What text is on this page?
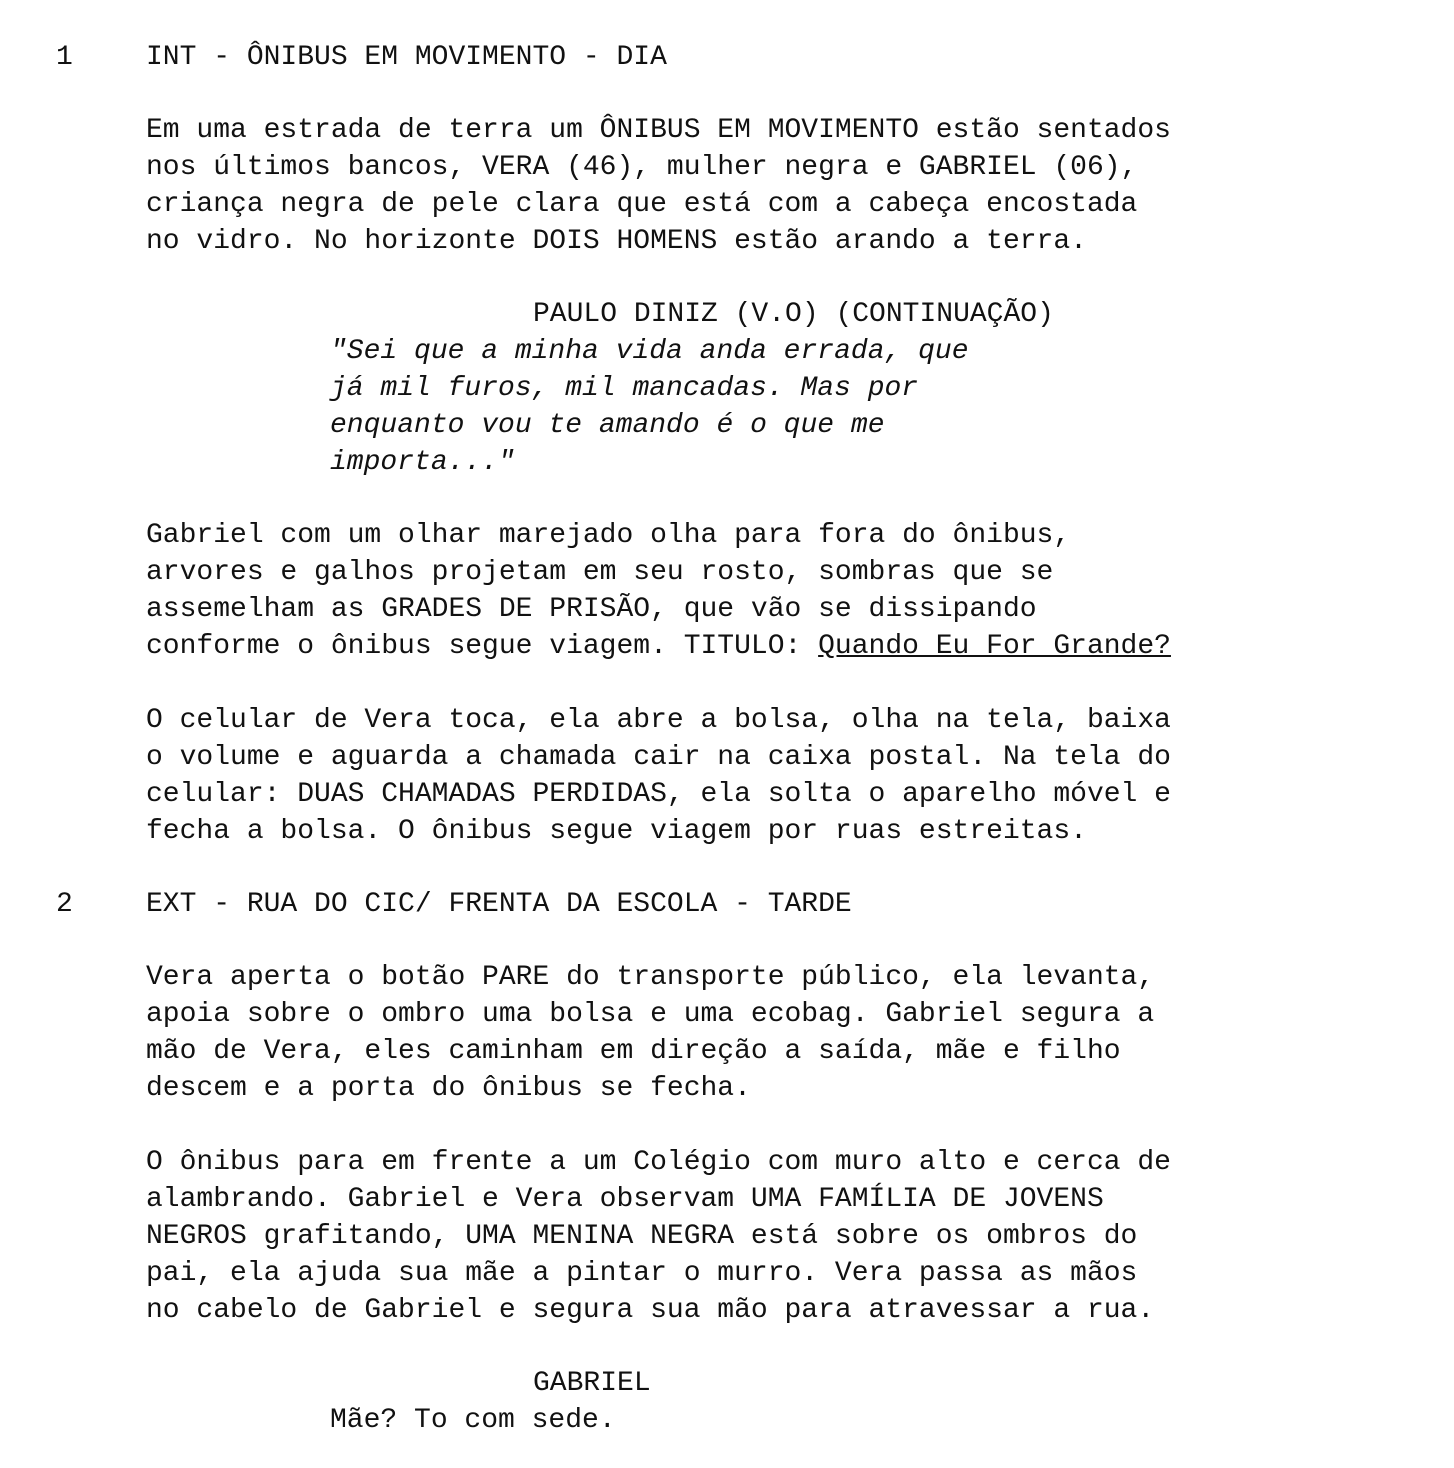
1	INT - ÔNIBUS EM MOVIMENTO - DIA
Em uma estrada de terra um ÔNIBUS EM MOVIMENTO estão sentados
nos últimos bancos, VERA (46), mulher negra e GABRIEL (06),
criança negra de pele clara que está com a cabeça encostada
no vidro. No horizonte DOIS HOMENS estão arando a terra.
PAULO DINIZ (V.O) (CONTINUAÇÃO)
"Sei que a minha vida anda errada, que
já mil furos, mil mancadas. Mas por
enquanto vou te amando é o que me
importa..."
Gabriel com um olhar marejado olha para fora do ônibus,
arvores e galhos projetam em seu rosto, sombras que se
assemelham as GRADES DE PRISÃO, que vão se dissipando
conforme o ônibus segue viagem. TITULO: Quando Eu For Grande?
O celular de Vera toca, ela abre a bolsa, olha na tela, baixa
o volume e aguarda a chamada cair na caixa postal. Na tela do
celular: DUAS CHAMADAS PERDIDAS, ela solta o aparelho móvel e
fecha a bolsa. O ônibus segue viagem por ruas estreitas.
2	EXT - RUA DO CIC/ FRENTA DA ESCOLA - TARDE
Vera aperta o botão PARE do transporte público, ela levanta,
apoia sobre o ombro uma bolsa e uma ecobag. Gabriel segura a
mão de Vera, eles caminham em direção a saída, mãe e filho
descem e a porta do ônibus se fecha.
O ônibus para em frente a um Colégio com muro alto e cerca de
alambrando. Gabriel e Vera observam UMA FAMÍLIA DE JOVENS
NEGROS grafitando, UMA MENINA NEGRA está sobre os ombros do
pai, ela ajuda sua mãe a pintar o murro. Vera passa as mãos
no cabelo de Gabriel e segura sua mão para atravessar a rua.
GABRIEL
Mãe? To com sede.
